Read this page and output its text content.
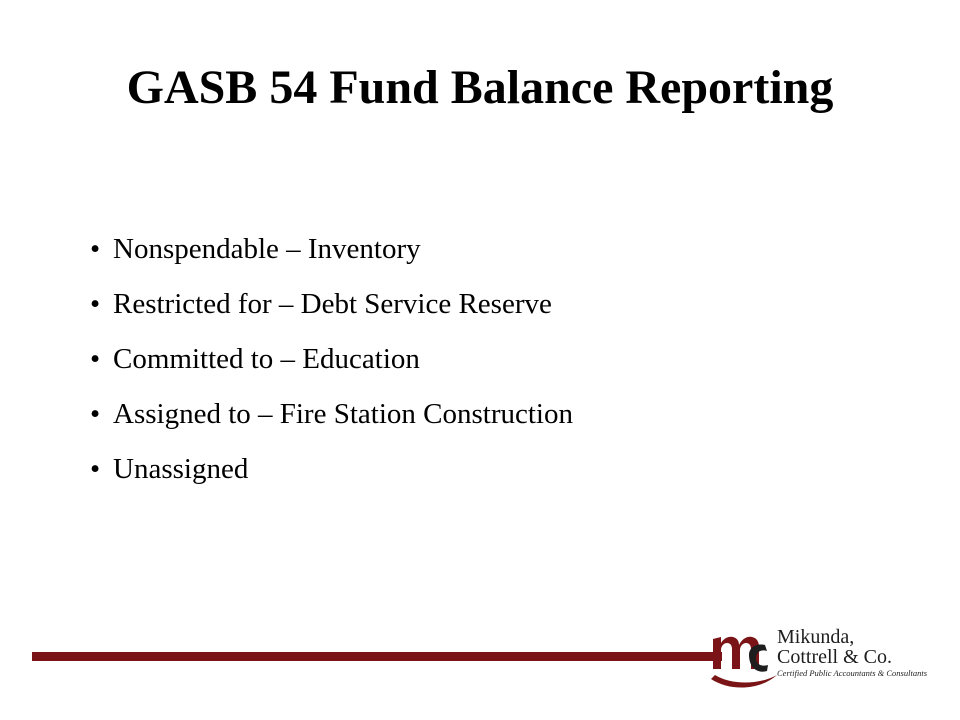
GASB 54 Fund Balance Reporting
• Nonspendable – Inventory
• Restricted for – Debt Service Reserve
• Committed to – Education
• Assigned to – Fire Station Construction
• Unassigned
Mikunda,
Cottrell & Co.
Certified Public Accountants & Consultants
